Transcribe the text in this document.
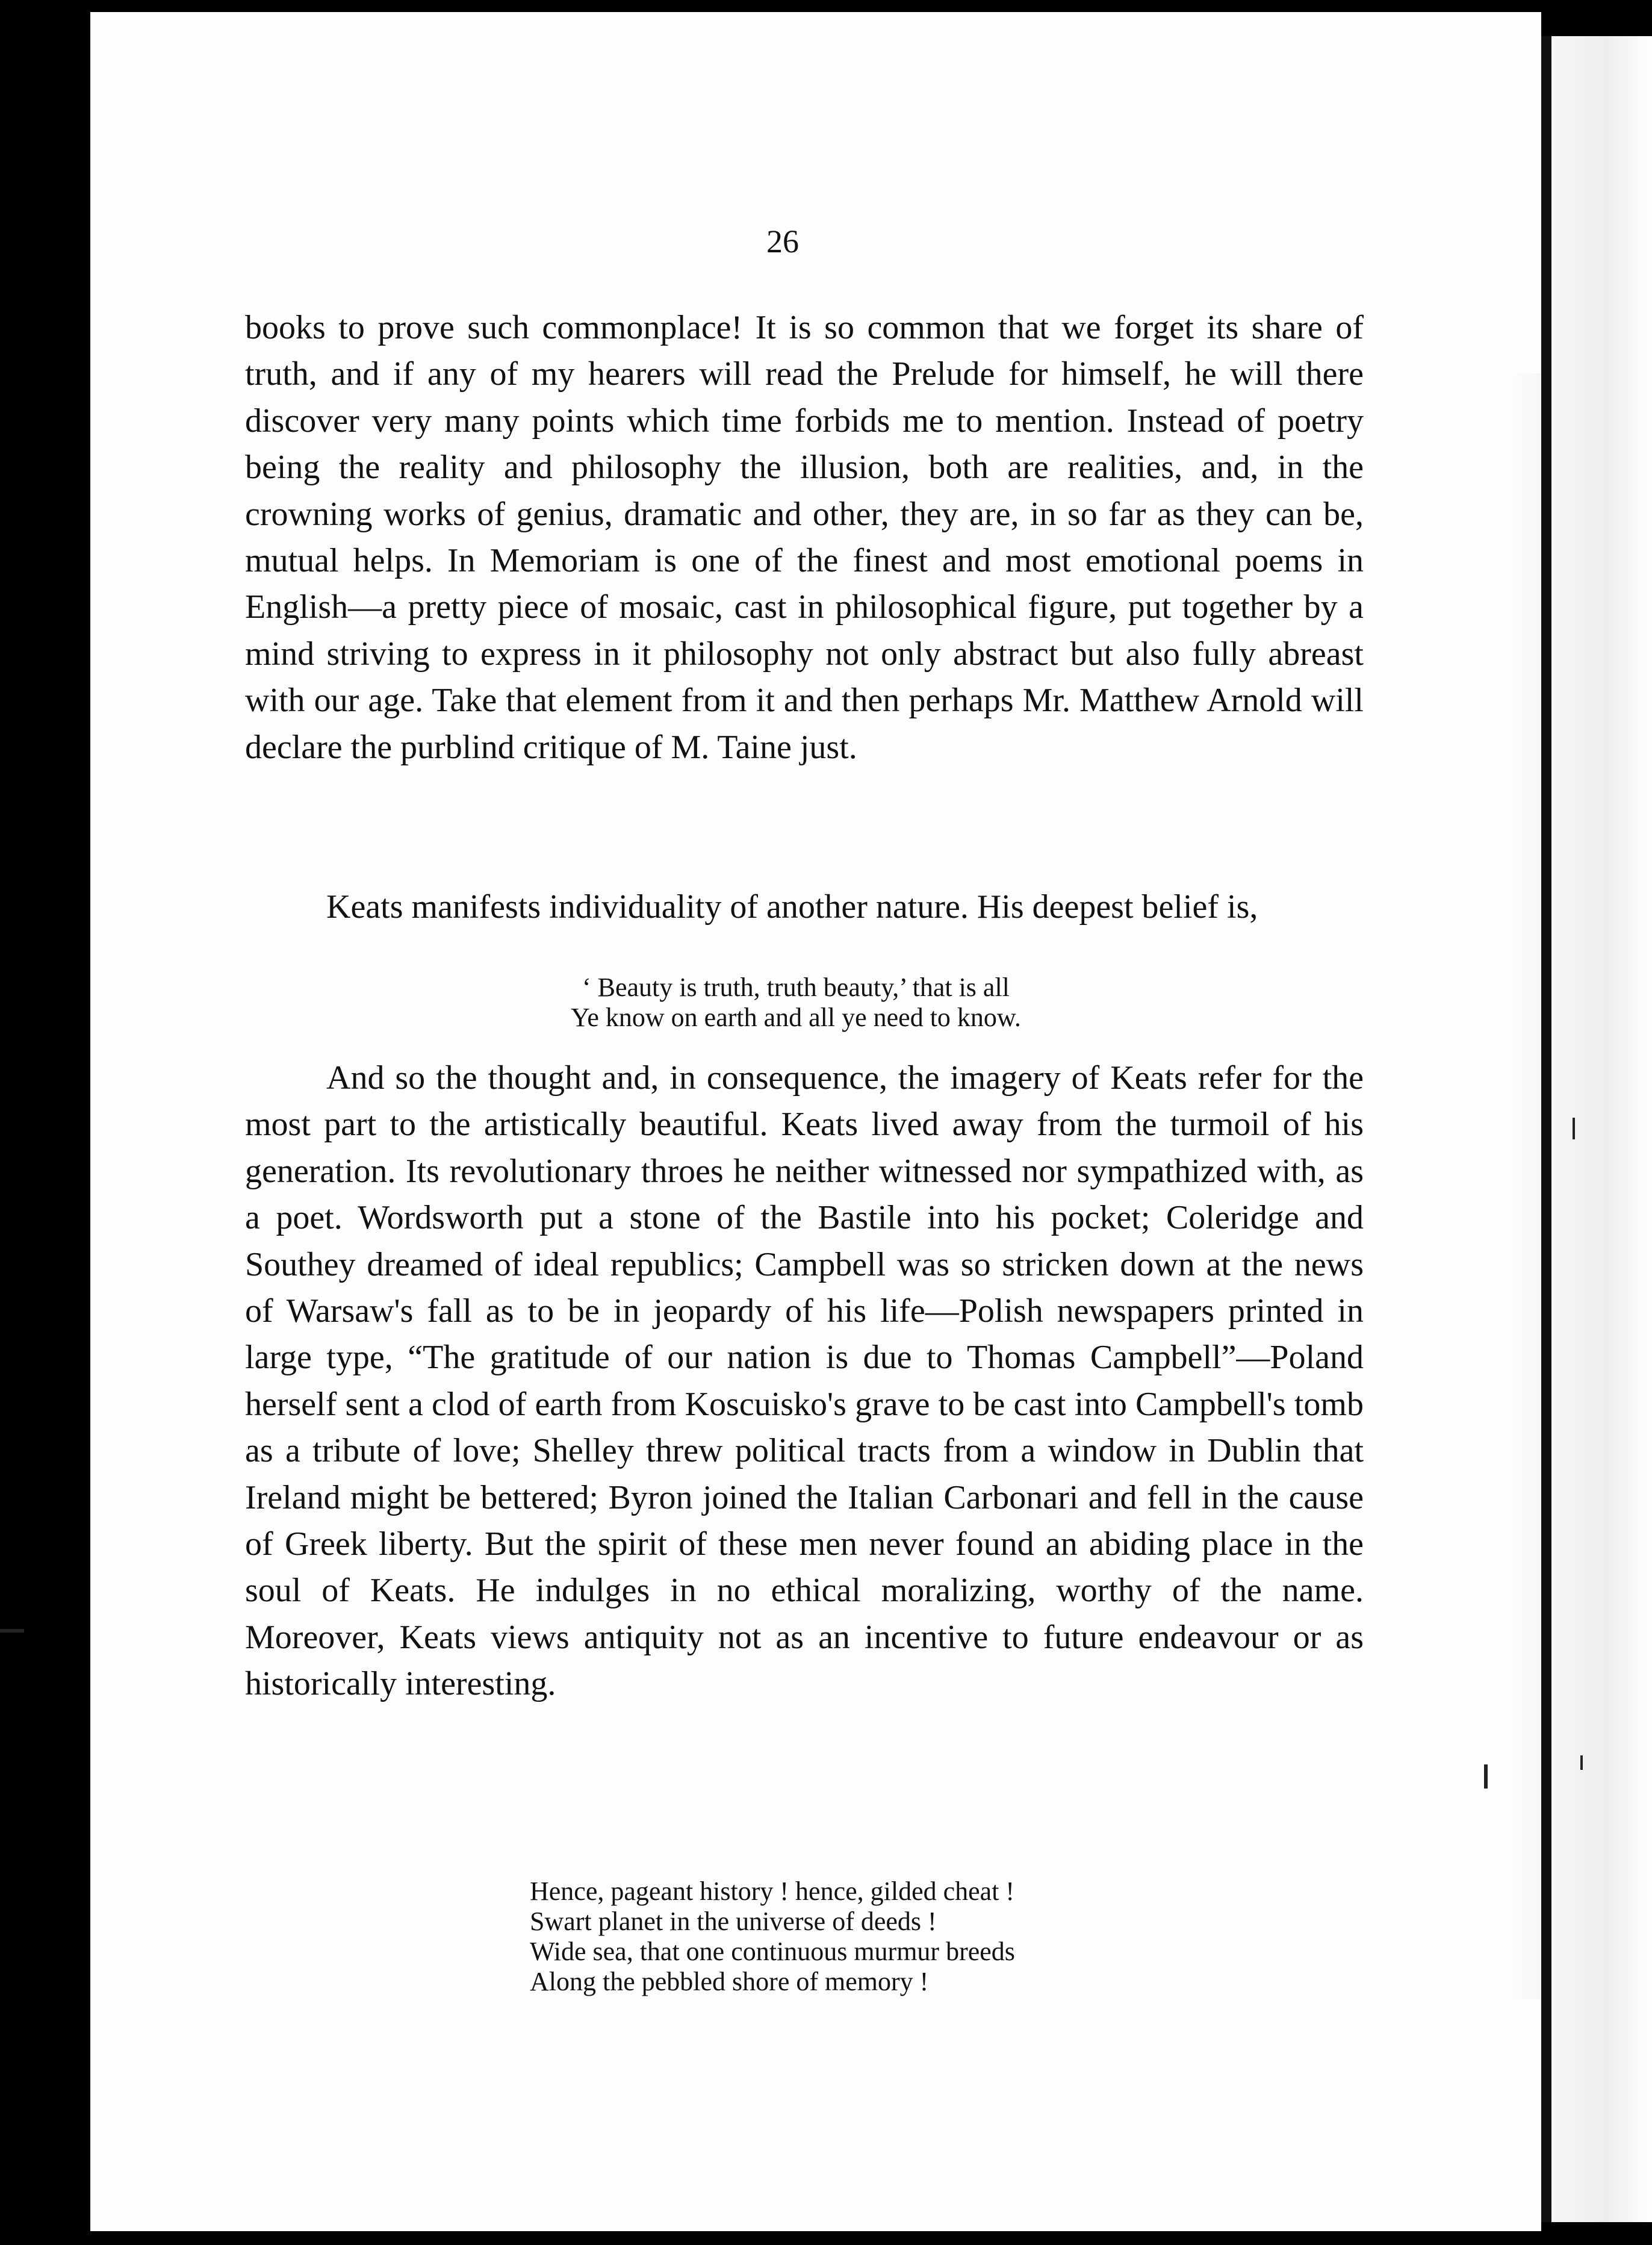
26

books to prove such commonplace! It is so common that we forget its share of truth, and if any of my hearers will read the Prelude for himself, he will there discover very many points which time forbids me to mention. Instead of poetry being the reality and philosophy the illusion, both are realities, and, in the crowning works of genius, dramatic and other, they are, in so far as they can be, mutual helps. In Memoriam is one of the finest and most emotional poems in English—a pretty piece of mosaic, cast in philosophical figure, put together by a mind striving to express in it philosophy not only abstract but also fully abreast with our age. Take that element from it and then perhaps Mr. Matthew Arnold will declare the purblind critique of M. Taine just.

Keats manifests individuality of another nature. His deepest belief is,

‘ Beauty is truth, truth beauty,’ that is all
Ye know on earth and all ye need to know.

And so the thought and, in consequence, the imagery of Keats refer for the most part to the artistically beautiful. Keats lived away from the turmoil of his generation. Its revolutionary throes he neither witnessed nor sympathized with, as a poet. Wordsworth put a stone of the Bastile into his pocket; Coleridge and Southey dreamed of ideal republics; Campbell was so stricken down at the news of Warsaw's fall as to be in jeopardy of his life—Polish newspapers printed in large type, “The gratitude of our nation is due to Thomas Campbell”—Poland herself sent a clod of earth from Koscuisko's grave to be cast into Campbell's tomb as a tribute of love; Shelley threw political tracts from a window in Dublin that Ireland might be bettered; Byron joined the Italian Carbonari and fell in the cause of Greek liberty. But the spirit of these men never found an abiding place in the soul of Keats. He indulges in no ethical moralizing, worthy of the name. Moreover, Keats views antiquity not as an incentive to future endeavour or as historically interesting.

Hence, pageant history ! hence, gilded cheat !
Swart planet in the universe of deeds !
Wide sea, that one continuous murmur breeds
Along the pebbled shore of memory !
